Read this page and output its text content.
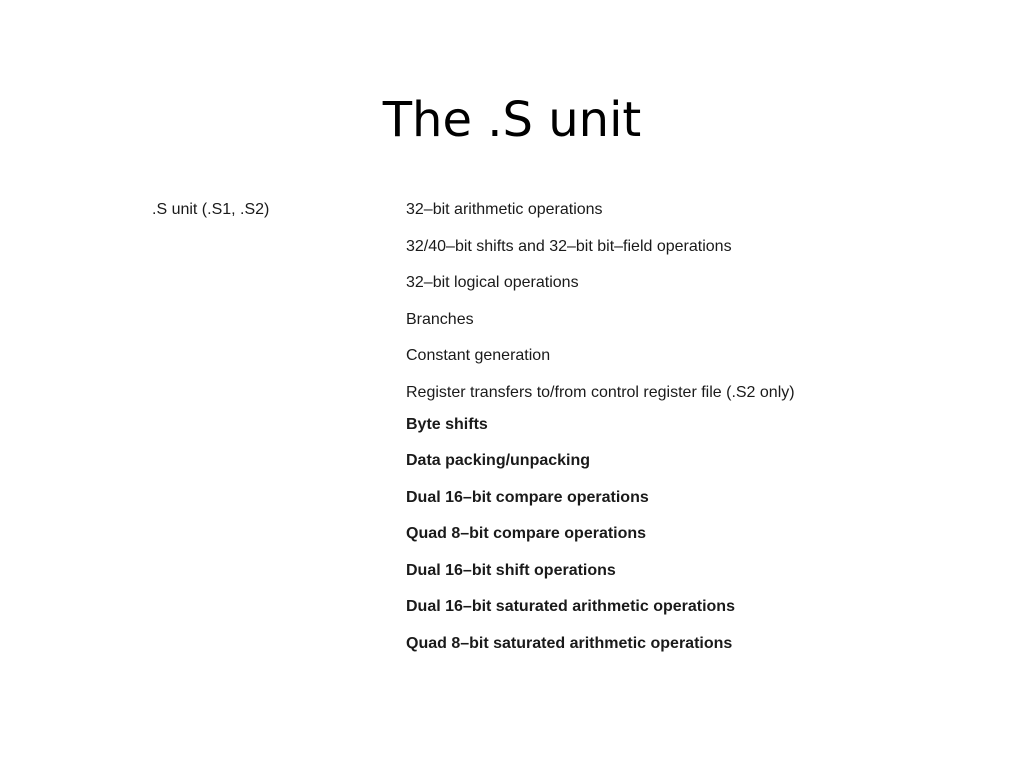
The .S unit
.S unit (.S1, .S2)	32–bit arithmetic operations
32/40–bit shifts and 32–bit bit–field operations
32–bit logical operations
Branches
Constant generation
Register transfers to/from control register file (.S2 only)
Byte shifts
Data packing/unpacking
Dual 16–bit compare operations
Quad 8–bit compare operations
Dual 16–bit shift operations
Dual 16–bit saturated arithmetic operations
Quad 8–bit saturated arithmetic operations
